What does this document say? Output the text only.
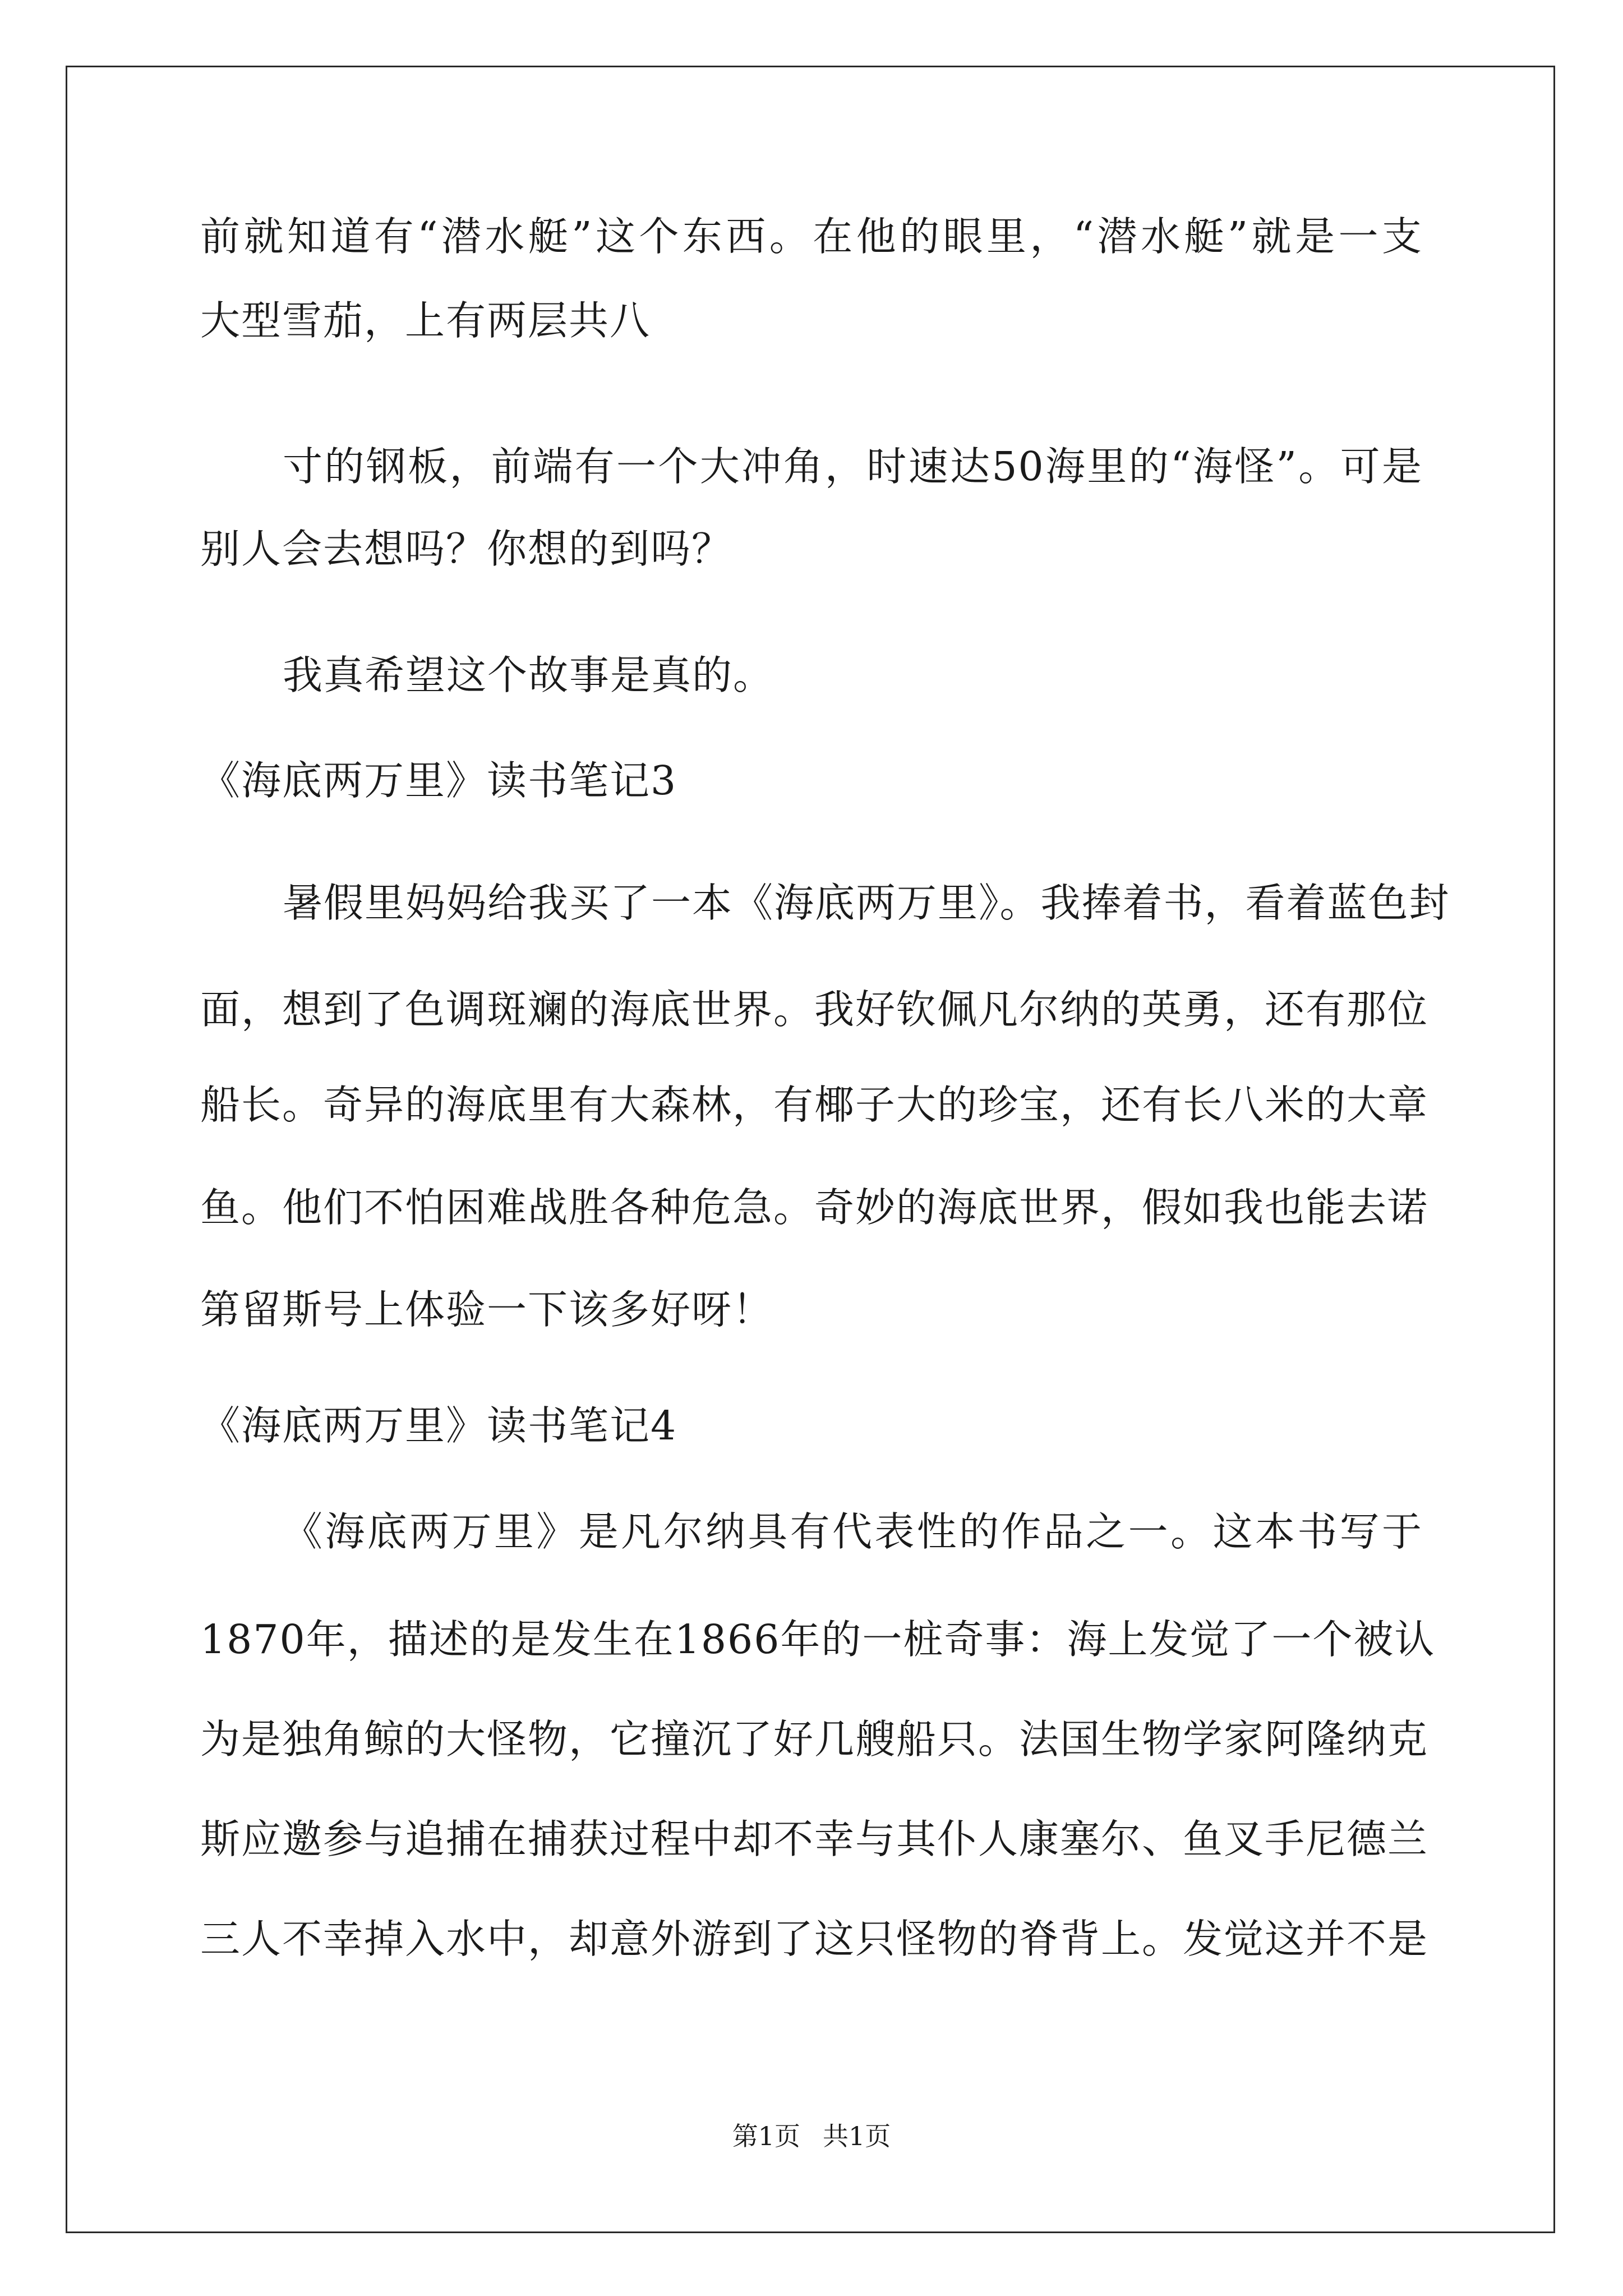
前就知道有“潜水艇”这个东西。在他的眼里，“潜水艇”就是一支
大型雪茄，上有两层共八
寸的钢板，前端有一个大冲角，时速达50海里的“海怪”。可是
别人会去想吗？你想的到吗？
我真希望这个故事是真的。
《海底两万里》读书笔记3
暑假里妈妈给我买了一本《海底两万里》。我捧着书，看着蓝色封
面，想到了色调斑斓的海底世界。我好钦佩凡尔纳的英勇，还有那位
船长。奇异的海底里有大森林，有椰子大的珍宝，还有长八米的大章
鱼。他们不怕困难战胜各种危急。奇妙的海底世界，假如我也能去诺
第留斯号上体验一下该多好呀！
《海底两万里》读书笔记4
《海底两万里》是凡尔纳具有代表性的作品之一。这本书写于
1870年，描述的是发生在1866年的一桩奇事：海上发觉了一个被认
为是独角鲸的大怪物，它撞沉了好几艘船只。法国生物学家阿隆纳克
斯应邀参与追捕在捕获过程中却不幸与其仆人康塞尔、鱼叉手尼德兰
三人不幸掉入水中，却意外游到了这只怪物的脊背上。发觉这并不是
第1页 共1页
